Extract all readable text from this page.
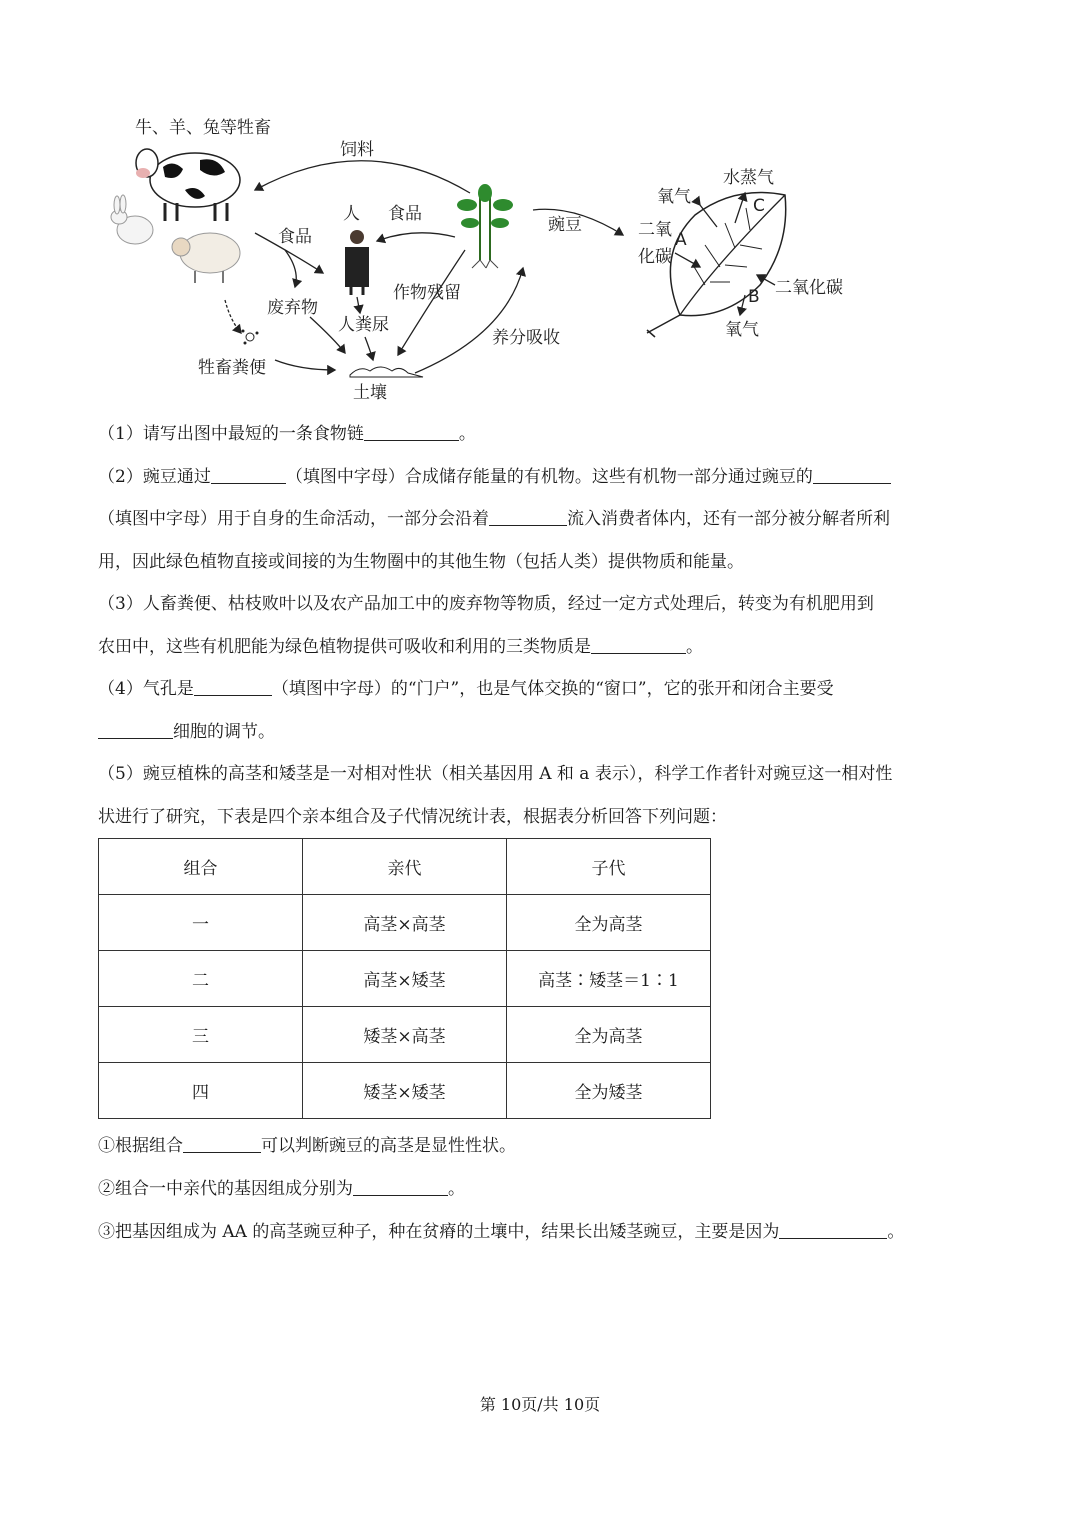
牛、羊、兔等牲畜
饲料
人 食品
豌豆
食品
废弃物
作物残留
人粪尿
牲畜粪便
土壤
养分吸收
氧气
水蒸气
C
二氧
化碳
A
B 二氧化碳
氧气

（1）请写出图中最短的一条食物链	。

（2）豌豆通过	（填图中字母）合成储存能量的有机物。这些有机物一部分通过豌豆的

（填图中字母）用于自身的生命活动，一部分会沿着	流入消费者体内，还有一部分被分解者所利

用，因此绿色植物直接或间接的为生物圈中的其他生物（包括人类）提供物质和能量。

（3）人畜粪便、枯枝败叶以及农产品加工中的废弃物等物质，经过一定方式处理后，转变为有机肥用到

农田中，这些有机肥能为绿色植物提供可吸收和利用的三类物质是	。

（4）气孔是	（填图中字母）的“门户”，也是气体交换的“窗口”，它的张开和闭合主要受

细胞的调节。

（5）豌豆植株的高茎和矮茎是一对相对性状（相关基因用 A 和 a 表示），科学工作者针对豌豆这一相对性

状进行了研究，下表是四个亲本组合及子代情况统计表，根据表分析回答下列问题：

组合	亲代	子代
一	高茎×高茎	全为高茎
二	高茎×矮茎	高茎∶矮茎＝1∶1
三	矮茎×高茎	全为高茎
四	矮茎×矮茎	全为矮茎

①根据组合	可以判断豌豆的高茎是显性性状。

②组合一中亲代的基因组成分别为	。

③把基因组成为 AA 的高茎豌豆种子，种在贫瘠的土壤中，结果长出矮茎豌豆，主要是因为	。

第 10页/共 10页
